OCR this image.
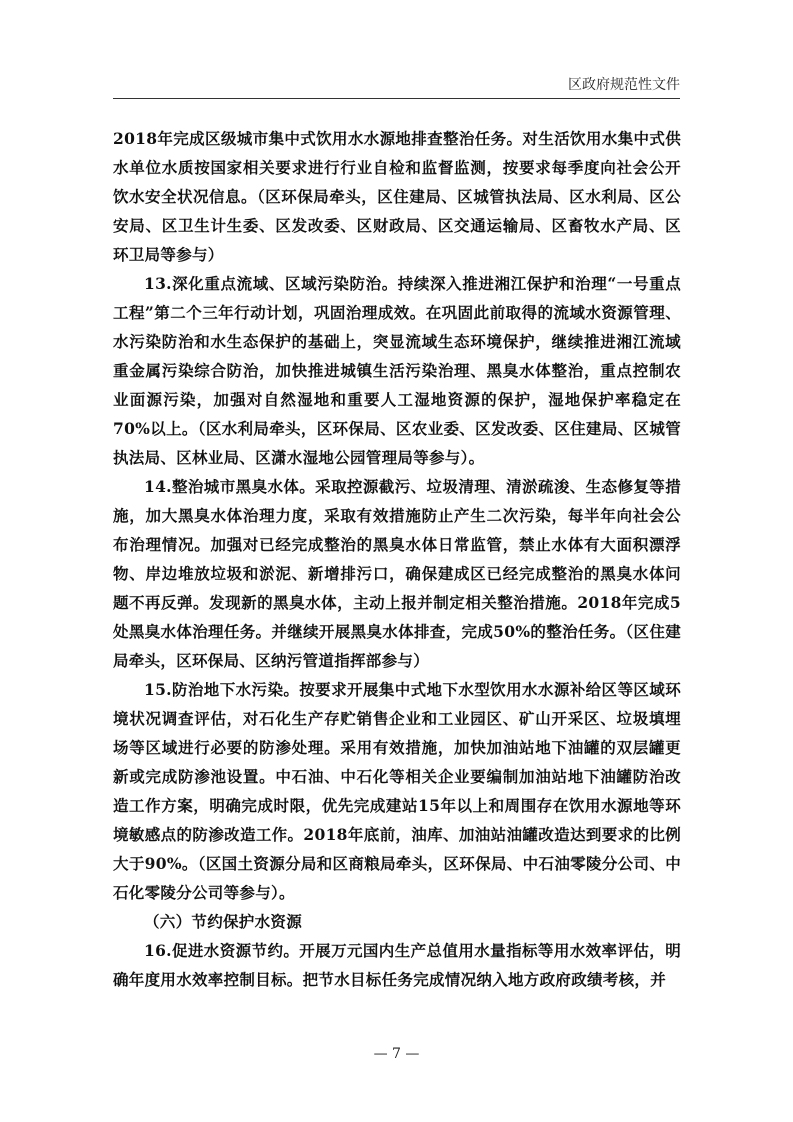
区政府规范性文件

2018年完成区级城市集中式饮用水水源地排查整治任务。对生活饮用水集中式供水单位水质按国家相关要求进行行业自检和监督监测，按要求每季度向社会公开饮水安全状况信息。（区环保局牵头，区住建局、区城管执法局、区水利局、区公安局、区卫生计生委、区发改委、区财政局、区交通运输局、区畜牧水产局、区环卫局等参与）

13.深化重点流域、区域污染防治。持续深入推进湘江保护和治理“一号重点工程”第二个三年行动计划，巩固治理成效。在巩固此前取得的流域水资源管理、水污染防治和水生态保护的基础上，突显流域生态环境保护，继续推进湘江流域重金属污染综合防治，加快推进城镇生活污染治理、黑臭水体整治，重点控制农业面源污染，加强对自然湿地和重要人工湿地资源的保护，湿地保护率稳定在70%以上。（区水利局牵头，区环保局、区农业委、区发改委、区住建局、区城管执法局、区林业局、区潇水湿地公园管理局等参与）。

14.整治城市黑臭水体。采取控源截污、垃圾清理、清淤疏浚、生态修复等措施，加大黑臭水体治理力度，采取有效措施防止产生二次污染，每半年向社会公布治理情况。加强对已经完成整治的黑臭水体日常监管，禁止水体有大面积漂浮物、岸边堆放垃圾和淤泥、新增排污口，确保建成区已经完成整治的黑臭水体问题不再反弹。发现新的黑臭水体，主动上报并制定相关整治措施。2018年完成5处黑臭水体治理任务。并继续开展黑臭水体排查，完成50%的整治任务。（区住建局牵头，区环保局、区纳污管道指挥部参与）

15.防治地下水污染。按要求开展集中式地下水型饮用水水源补给区等区域环境状况调查评估，对石化生产存贮销售企业和工业园区、矿山开采区、垃圾填埋场等区域进行必要的防渗处理。采用有效措施，加快加油站地下油罐的双层罐更新或完成防渗池设置。中石油、中石化等相关企业要编制加油站地下油罐防治改造工作方案，明确完成时限，优先完成建站15年以上和周围存在饮用水源地等环境敏感点的防渗改造工作。2018年底前，油库、加油站油罐改造达到要求的比例大于90%。（区国土资源分局和区商粮局牵头，区环保局、中石油零陵分公司、中石化零陵分公司等参与）。

（六）节约保护水资源

16.促进水资源节约。开展万元国内生产总值用水量指标等用水效率评估，明确年度用水效率控制目标。把节水目标任务完成情况纳入地方政府政绩考核，并

— 7 —
